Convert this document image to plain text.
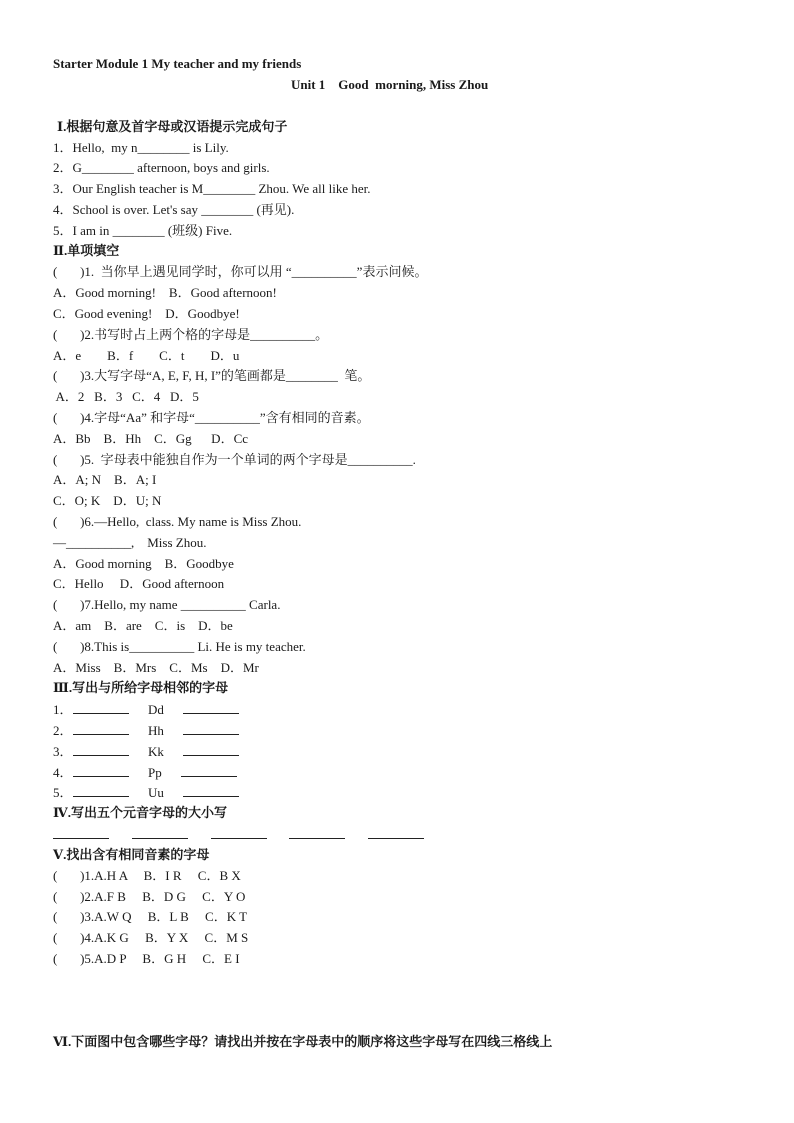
Starter Module 1 My teacher and my friends
Unit 1    Good  morning, Miss Zhou
Ⅰ.根据句意及首字母或汉语提示完成句子
1．Hello,  my n________ is Lily.
2．G________ afternoon, boys and girls.
3．Our English teacher is M________ Zhou. We all like her.
4．School is over. Let's say ________ (再见).
5．I am in ________ (班级) Five.
Ⅱ.单项填空
(       )1.  当你早上遇见同学时，你可以用 “__________”表示问候。
A．Good morning!    B．Good afternoon!
C．Good evening!    D．Goodbye!
(       )2.书写时占上两个格的字母是__________。
A．e        B．f        C．t        D．u
(       )3.大写字母“A, E, F, H, I”的笔画都是________  笔。
A．2   B．3   C．4   D．5
(       )4.字母“Aa” 和字母“__________”含有相同的音素。
A．Bb    B．Hh    C．Gg      D．Cc
(       )5.  字母表中能独自作为一个单词的两个字母是__________.
A．A; N    B．A; I
C．O; K    D．U; N
(       )6.—Hello,  class. My name is Miss Zhou.
—__________,    Miss Zhou.
A．Good morning    B．Goodbye
C．Hello     D．Good afternoon
(       )7.Hello, my name __________ Carla.
A．am    B．are    C．is    D．be
(       )8.This is__________ Li. He is my teacher.
A．Miss    B．Mrs    C．Ms    D．Mr
Ⅲ.写出与所给字母相邻的字母
1．	Dd
2．	Hh
3．	Kk
4．	Pp
5．	Uu
Ⅳ.写出五个元音字母的大小写

Ⅴ.找出含有相同音素的字母
(       )1.A.H A     B．I R     C．B X
(       )2.A.F B     B．D G     C．Y O
(       )3.A.W Q     B．L B     C．K T
(       )4.A.K G     B．Y X     C．M S
(       )5.A.D P     B．G H     C．E I
Ⅵ.下面图中包含哪些字母？请找出并按在字母表中的顺序将这些字母写在四线三格线上
